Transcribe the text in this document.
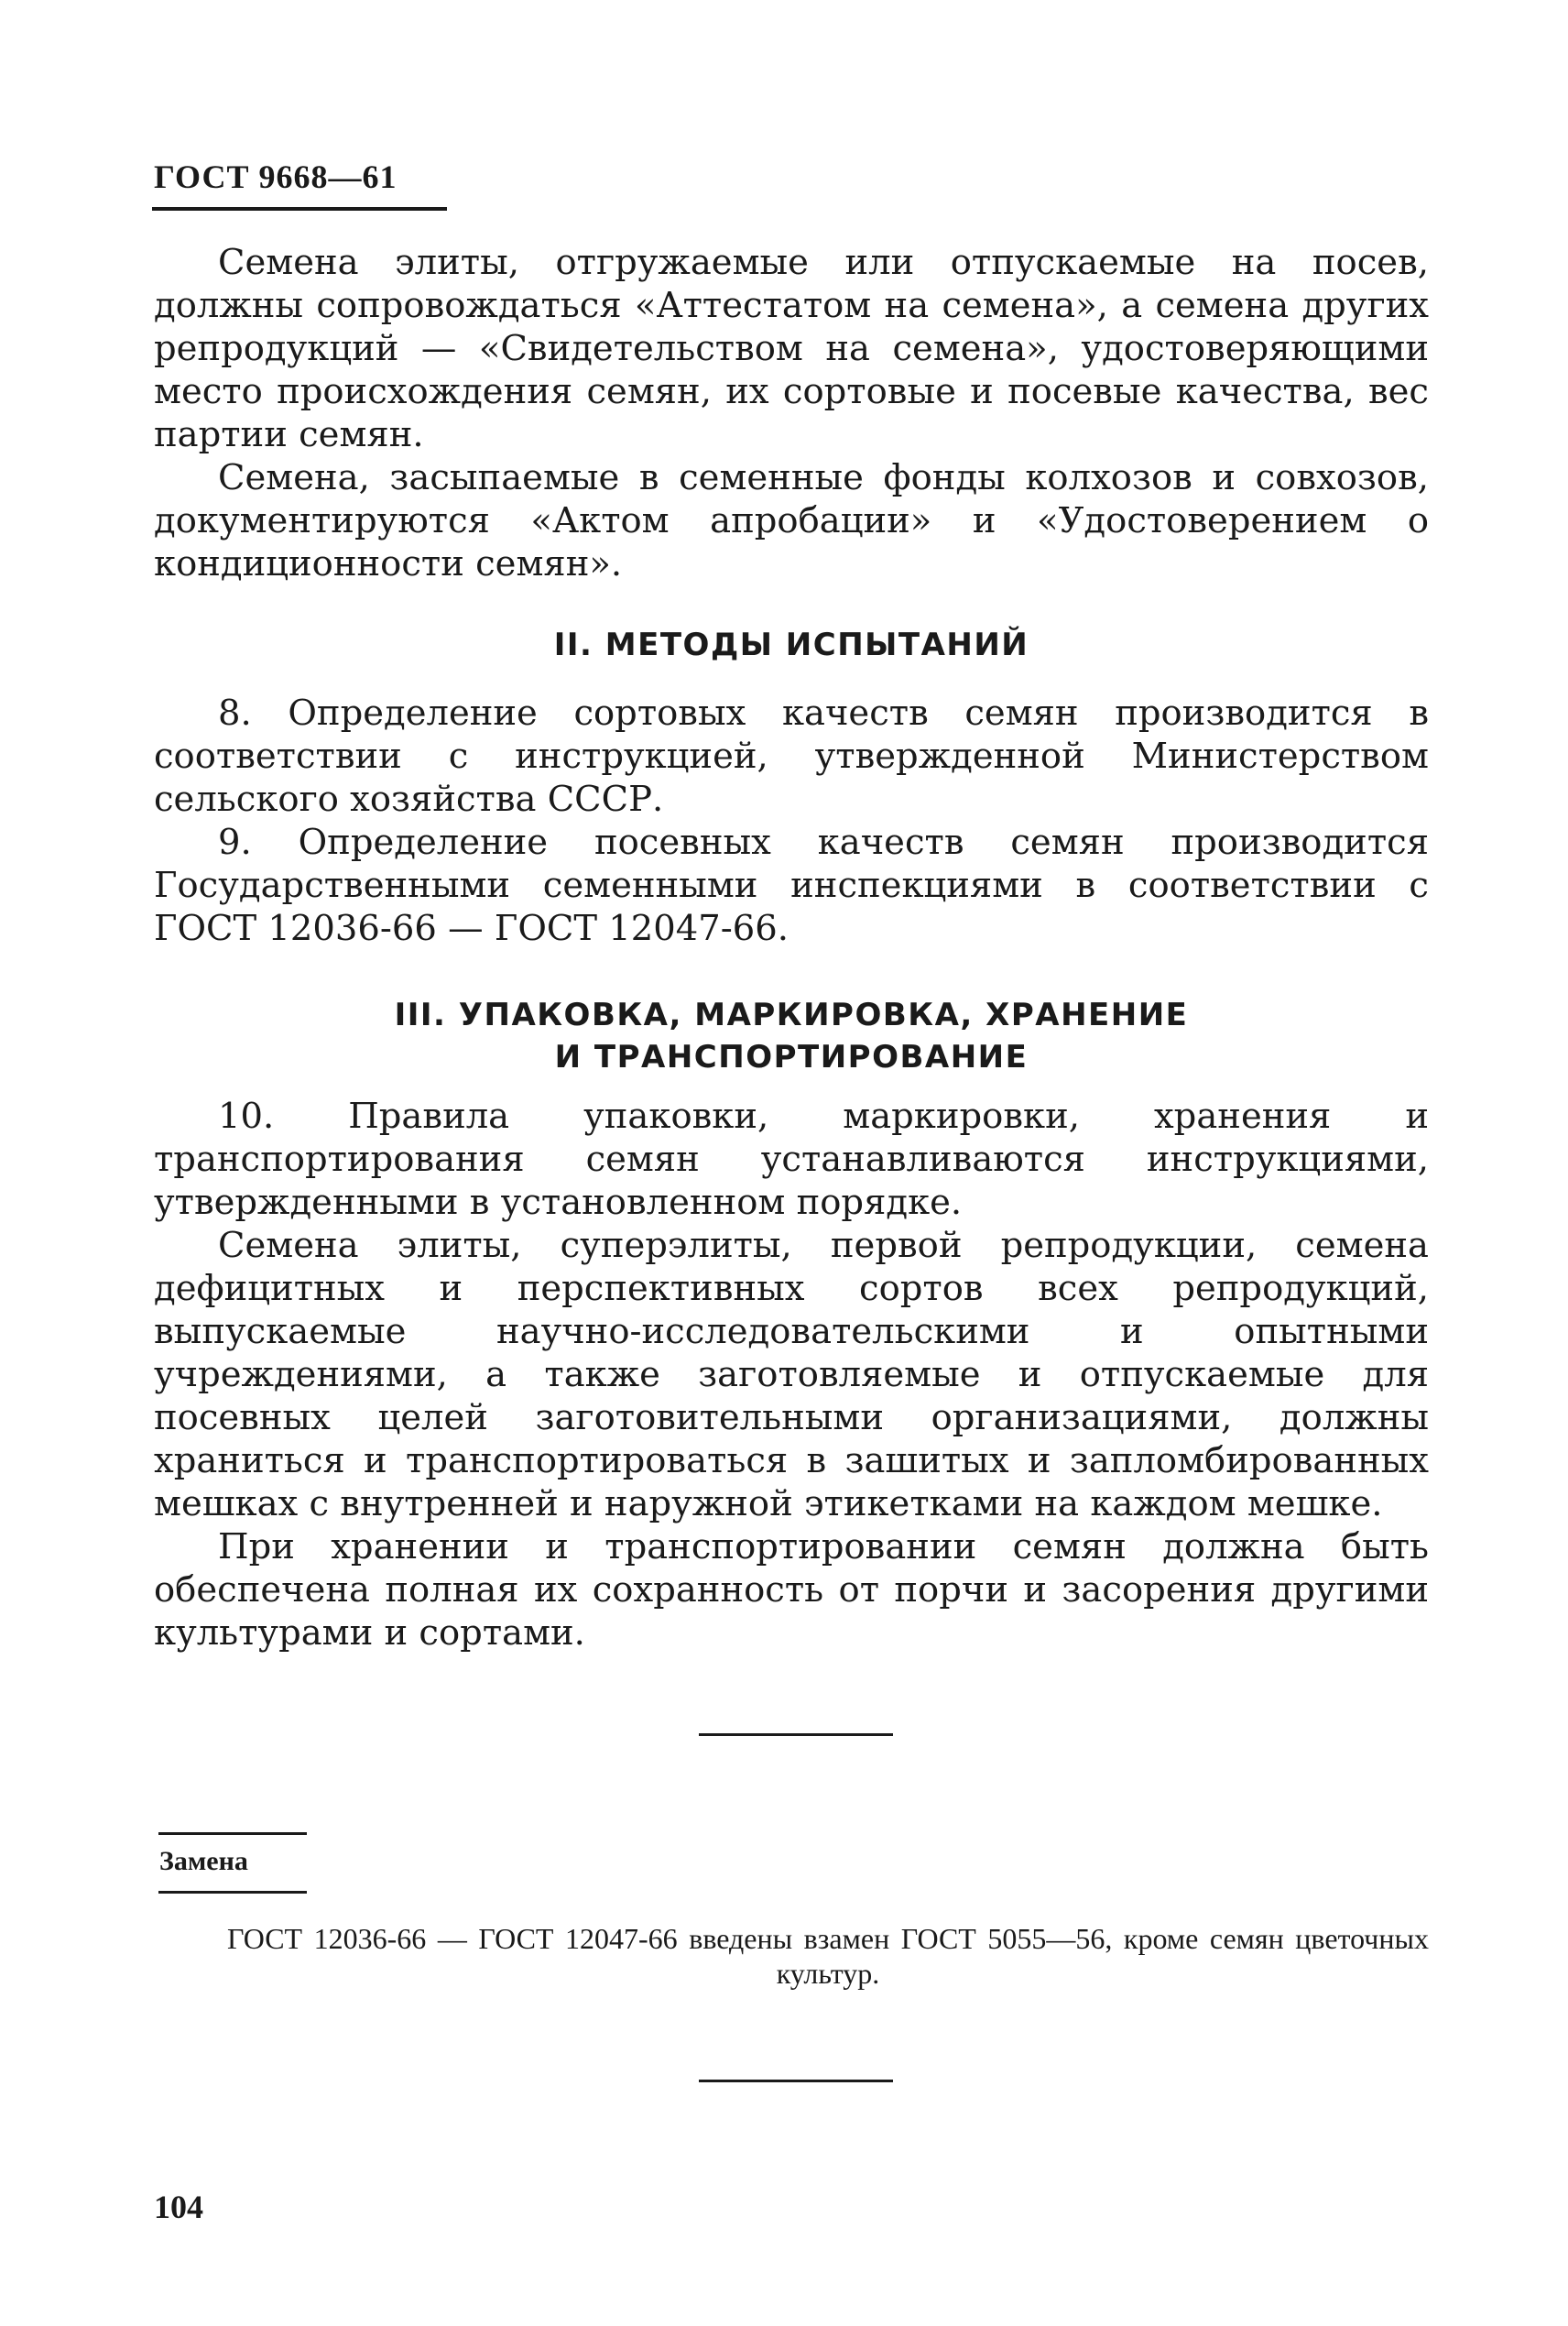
ГОСТ 9668—61

Семена элиты, отгружаемые или отпускаемые на посев, должны сопровождаться «Аттестатом на семена», а семена других репродукций — «Свидетельством на семена», удостоверяющими место происхождения семян, их сортовые и посевые качества, вес партии семян.

Семена, засыпаемые в семенные фонды колхозов и совхозов, документируются «Актом апробации» и «Удостоверением о кондиционности семян».

II. МЕТОДЫ ИСПЫТАНИЙ

8. Определение сортовых качеств семян производится в соответствии с инструкцией, утвержденной Министерством сельского хозяйства СССР.

9. Определение посевных качеств семян производится Государственными семенными инспекциями в соответствии с ГОСТ 12036-66 — ГОСТ 12047-66.

III. УПАКОВКА, МАРКИРОВКА, ХРАНЕНИЕ
И ТРАНСПОРТИРОВАНИЕ

10. Правила упаковки, маркировки, хранения и транспортирования семян устанавливаются инструкциями, утвержденными в установленном порядке.

Семена элиты, суперэлиты, первой репродукции, семена дефицитных и перспективных сортов всех репродукций, выпускаемые научно-исследовательскими и опытными учреждениями, а также заготовляемые и отпускаемые для посевных целей заготовительными организациями, должны храниться и транспортироваться в зашитых и запломбированных мешках с внутренней и наружной этикетками на каждом мешке.

При хранении и транспортировании семян должна быть обеспечена полная их сохранность от порчи и засорения другими культурами и сортами.

Замена
ГОСТ 12036-66 — ГОСТ 12047-66 введены взамен ГОСТ 5055—56, кроме семян цветочных культур.
104
